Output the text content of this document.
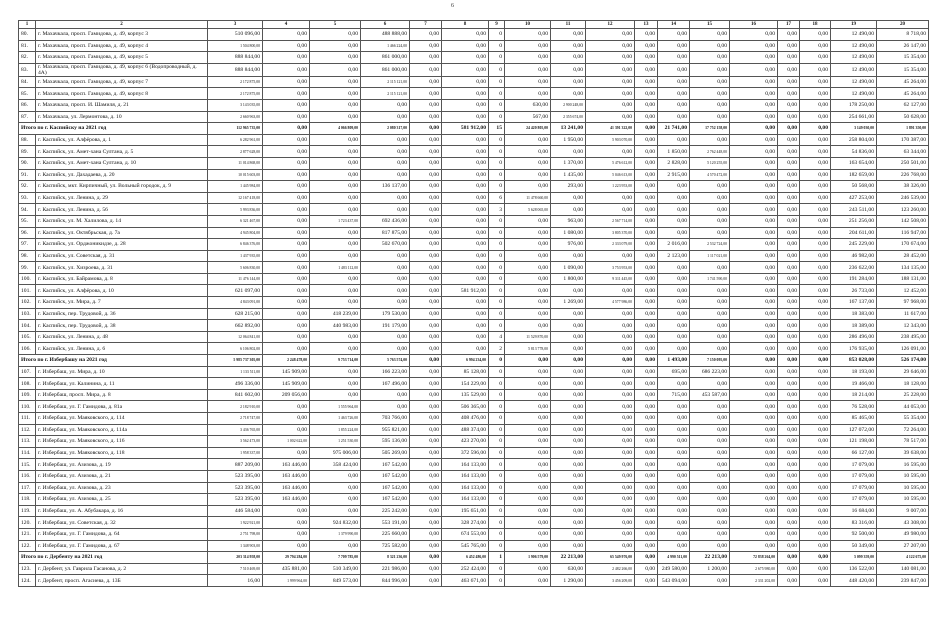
6
1	2	3	4	5	6	7	8	9	10	11	12	13	14	15	16	17	18	19	20
80.	г. Махачкала, просп. Гамидова, д. 49, корпус 3	510 096,00	0,00	0,00	488 888,00	0,00	0,00	0	0,00	0,00	0,00	0,00	0,00	0,00	0,00	0,00	0,00	12 490,00	8 718,00
81.	г. Махачкала, просп. Гамидова, д. 49, корпус 4	1 504 800,00	0,00	0,00	1 466 224,00	0,00	0,00	0	0,00	0,00	0,00	0,00	0,00	0,00	0,00	0,00	0,00	12 490,00	26 147,00
82.	г. Махачкала, просп. Гамидова, д. 49, корпус 5	888 844,00	0,00	0,00	861 000,00	0,00	0,00	0	0,00	0,00	0,00	0,00	0,00	0,00	0,00	0,00	0,00	12 490,00	15 354,00
83.	г. Махачкала, просп. Гамидова, д. 49, корпус 6 (Водопроводный, д. 4А)	888 844,00	0,00	0,00	861 000,00	0,00	0,00	0	0,00	0,00	0,00	0,00	0,00	0,00	0,00	0,00	0,00	12 490,00	15 354,00
84.	г. Махачкала, просп. Гамидова, д. 49, корпус 7	2 172 875,00	0,00	0,00	2 115 121,00	0,00	0,00	0	0,00	0,00	0,00	0,00	0,00	0,00	0,00	0,00	0,00	12 490,00	45 264,00
85.	г. Махачкала, просп. Гамидова, д. 49, корпус 8	2 172 875,00	0,00	0,00	2 115 121,00	0,00	0,00	0	0,00	0,00	0,00	0,00	0,00	0,00	0,00	0,00	0,00	12 490,00	45 264,00
86.	г. Махачкала, просп. И. Шамиля, д. 21	3 143 035,00	0,00	0,00	0,00	0,00	0,00	0	630,00	2 900 248,00	0,00	0,00	0,00	0,00	0,00	0,00	0,00	178 250,00	62 127,00
87.	г. Махачкала, ул. Лермонтова, д. 10	2 660 963,00	0,00	0,00	0,00	0,00	0,00	0	567,00	2 355 674,00	0,00	0,00	0,00	0,00	0,00	0,00	0,00	254 661,00	50 628,00
Итого по г. Каспийску на 2021 год		112 965 735,00	0,00	4 066 809,00	2 080 317,00	0,00	581 912,00	15	24 420 805,00	13 241,00	41 391 322,00	0,00	21 741,00	17 752 158,00	0,00	0,00	0,00	3 149 030,00	1 891 350,00
88.	г. Каспийск, ул. Алфёрова, д. 1	6 282 961,00	0,00	0,00	0,00	0,00	0,00	0	0,00	1 950,00	5 903 070,00	0,00	0,00	0,00	0,00	0,00	0,00	258 804,00	170 387,00
89.	г. Каспийск, ул. Амет-хана Султана, д. 5	2 877 628,00	0,00	0,00	0,00	0,00	0,00	0	0,00	0,00	0,00	0,00	1 850,00	2 762 448,00	0,00	0,00	0,00	54 836,00	63 344,00
90.	г. Каспийск, ул. Амет-хана Султана, д. 10	11 014 868,00	0,00	0,00	0,00	0,00	0,00	0	0,00	1 370,00	5 476 612,00	0,00	2 828,00	5 120 255,00	0,00	0,00	0,00	163 654,00	250 501,00
91.	г. Каспийск, ул. Дахадаева, д. 20	10 015 603,00	0,00	0,00	0,00	0,00	0,00	0	0,00	1 435,00	5 046 613,00	0,00	2 915,00	4 570 472,00	0,00	0,00	0,00	182 659,00	226 768,00
92.	г. Каспийск, мкт. Кирпичный, ул. Вольный городок, д. 9	1 445 984,00	0,00	0,00	136 137,00	0,00	0,00	0	0,00	293,00	1 223 953,00	0,00	0,00	0,00	0,00	0,00	0,00	50 568,00	38 326,00
93.	г. Каспийск, ул. Ленина, д. 29	12 167 418,00	0,00	0,00	0,00	0,00	0,00	6	11 478 660,00	0,00	0,00	0,00	0,00	0,00	0,00	0,00	0,00	427 253,00	246 539,00
94.	г. Каспийск, ул. Ленина, д. 56	5 993 836,00	0,00	0,00	0,00	0,00	0,00	3	5 628 065,00	0,00	0,00	0,00	0,00	0,00	0,00	0,00	0,00	243 511,00	123 260,00
95.	г. Каспийск, ул. М. Халилова, д. 14	6 321 467,00	0,00	1 723 437,00	692 436,00	0,00	0,00	0	0,00	963,00	2 567 714,00	0,00	0,00	0,00	0,00	0,00	0,00	251 256,00	142 508,00
96.	г. Каспийск, ул. Октябрьская, д. 7а	4 945 804,00	0,00	0,00	817 875,00	0,00	0,00	0	0,00	1 080,00	3 805 370,00	0,00	0,00	0,00	0,00	0,00	0,00	204 611,00	116 947,00
97.	г. Каспийск, ул. Орджоникидзе, д. 28	6 846 376,00	0,00	0,00	502 670,00	0,00	0,00	0	0,00	976,00	2 333 079,00	0,00	2 016,00	2 532 724,00	0,00	0,00	0,00	245 229,00	170 674,00
98.	г. Каспийск, ул. Советская, д. 31	1 437 935,00	0,00	0,00	0,00	0,00	0,00	0	0,00	0,00	0,00	0,00	2 123,00	1 117 021,00	0,00	0,00	0,00	46 982,00	28 452,00
99.	г. Каспийск, ул. Хизроева, д. 31	5 606 830,00	0,00	1 483 112,00	0,00	0,00	0,00	0	0,00	1 090,00	3 753 953,00	0,00	0,00	0,00	0,00	0,00	0,00	236 622,00	134 135,00
100.	г. Каспийск, ул. Байрамова, д. 8	11 476 144,00	0,00	0,00	0,00	0,00	0,00	0	0,00	1 800,00	9 311 445,00	0,00	0,00	1 741 590,00	0,00	0,00	0,00	191 284,00	188 131,00
101.	г. Каспийск, ул. Алфёрова, д. 10	621 097,00	0,00	0,00	0,00	0,00	581 912,00	0	0,00	0,00	0,00	0,00	0,00	0,00	0,00	0,00	0,00	26 733,00	12 452,00
102.	г. Каспийск, ул. Мира, д. 7	4 843 091,00	0,00	0,00	0,00	0,00	0,00	0	0,00	1 269,00	4 577 986,00	0,00	0,00	0,00	0,00	0,00	0,00	167 137,00	97 968,00
103.	г. Каспийск, пер. Трудовой, д. 36	628 215,00	0,00	418 239,00	179 530,00	0,00	0,00	0	0,00	0,00	0,00	0,00	0,00	0,00	0,00	0,00	0,00	18 383,00	11 617,00
104.	г. Каспийск, пер. Трудовой, д. 38	662 892,00	0,00	440 983,00	191 179,00	0,00	0,00	0	0,00	0,00	0,00	0,00	0,00	0,00	0,00	0,00	0,00	18 389,00	12 343,00
105.	г. Каспийск, ул. Ленина, д. 48	12 064 841,00	0,00	0,00	0,00	0,00	0,00	4	11 529 870,00	0,00	0,00	0,00	0,00	0,00	0,00	0,00	0,00	286 496,00	238 495,00
106.	г. Каспийск, ул. Ленина, д. 6	6 106 802,00	0,00	0,00	0,00	0,00	0,00	2	5 813 778,00	0,00	0,00	0,00	0,00	0,00	0,00	0,00	0,00	176 935,00	126 091,00
Итого по г. Избербашу на 2021 год		5 985 737 305,00	2 248 478,00	9 753 714,00	5 763 574,00	0,00	6 994 234,00	0	0,00	0,00	0,00	0,00	1 493,00	7 150 095,00	0,00	0,00	0,00	853 028,00	526 174,00
107.	г. Избербаш, ул. Мира, д. 10	1 133 511,00	145 909,00	0,00	166 223,00	0,00	85 128,00	0	0,00	0,00	0,00	0,00	695,00	686 223,00	0,00	0,00	0,00	18 193,00	29 646,00
108.	г. Избербаш, ул. Калинина, д. 11	496 336,00	145 909,00	0,00	167 496,00	0,00	154 229,00	0	0,00	0,00	0,00	0,00	0,00	0,00	0,00	0,00	0,00	19 466,00	18 128,00
109.	г. Избербаш, просп. Мира, д. 8	841 602,00	209 056,00	0,00	0,00	0,00	135 529,00	0	0,00	0,00	0,00	0,00	715,00	453 587,00	0,00	0,00	0,00	18 214,00	25 228,00
110.	г. Избербаш, ул. Г. Гамидова, д. 81а	2 182 910,00	0,00	1 555 964,00	0,00	0,00	506 365,00	0	0,00	0,00	0,00	0,00	0,00	0,00	0,00	0,00	0,00	76 528,00	44 053,00
111.	г. Избербаш, ул. Маяковского, д. 114	2 718 747,00	0,00	1 463 726,00	703 766,00	0,00	408 476,00	0	0,00	0,00	0,00	0,00	0,00	0,00	0,00	0,00	0,00	85 465,00	55 354,00
112.	г. Избербаш, ул. Маяковского, д. 114а	3 436 765,00	0,00	1 855 224,00	955 821,00	0,00	488 374,00	0	0,00	0,00	0,00	0,00	0,00	0,00	0,00	0,00	0,00	127 072,00	72 264,00
113.	г. Избербаш, ул. Маяковского, д. 116	3 562 473,00	1 002 622,00	1 251 530,00	595 136,00	0,00	423 270,00	0	0,00	0,00	0,00	0,00	0,00	0,00	0,00	0,00	0,00	121 198,00	78 517,00
114.	г. Избербаш, ул. Маяковского, д. 118	1 958 337,00	0,00	975 006,00	505 269,00	0,00	372 596,00	0	0,00	0,00	0,00	0,00	0,00	0,00	0,00	0,00	0,00	66 127,00	39 638,00
115.	г. Избербаш, ул. Азизова, д. 19	887 209,00	163 446,00	358 424,00	167 542,00	0,00	164 133,00	0	0,00	0,00	0,00	0,00	0,00	0,00	0,00	0,00	0,00	17 079,00	16 595,00
116.	г. Избербаш, ул. Азизова, д. 21	523 395,00	163 446,00	0,00	167 542,00	0,00	164 133,00	0	0,00	0,00	0,00	0,00	0,00	0,00	0,00	0,00	0,00	17 079,00	10 595,00
117.	г. Избербаш, ул. Азизова, д. 23	523 395,00	163 446,00	0,00	167 542,00	0,00	164 133,00	0	0,00	0,00	0,00	0,00	0,00	0,00	0,00	0,00	0,00	17 079,00	10 595,00
118.	г. Избербаш, ул. Азизова, д. 25	523 395,00	163 446,00	0,00	167 542,00	0,00	164 133,00	0	0,00	0,00	0,00	0,00	0,00	0,00	0,00	0,00	0,00	17 079,00	10 595,00
119.	г. Избербаш, ул. А. Абубакара, д. 16	446 584,00	0,00	0,00	225 242,00	0,00	195 651,00	0	0,00	0,00	0,00	0,00	0,00	0,00	0,00	0,00	0,00	16 684,00	9 007,00
120.	г. Избербаш, ул. Советская, д. 32	1 922 921,00	0,00	924 832,00	553 191,00	0,00	328 274,00	0	0,00	0,00	0,00	0,00	0,00	0,00	0,00	0,00	0,00	83 316,00	43 308,00
121.	г. Избербаш, ул. Г. Гамидова, д. 64	2 751 798,00	0,00	1 379 990,00	225 660,00	0,00	674 553,00	0	0,00	0,00	0,00	0,00	0,00	0,00	0,00	0,00	0,00	92 500,00	49 980,00
122.	г. Избербаш, ул. Г. Гамидова, д. 67	1 348 903,00	0,00	0,00	725 582,00	0,00	545 765,00	0	0,00	0,00	0,00	0,00	0,00	0,00	0,00	0,00	0,00	50 349,00	27 207,00
Итого по г. Дербенту на 2021 год		203 314 958,00	29 794 284,00	7 709 785,00	8 321 236,00	0,00	6 452 486,00	1	1 906 579,00	22 213,00	65 549 976,00	0,00	4 990 511,00	22 213,00	72 838 264,00	0,00	0,00	5 099 359,00	4 122 675,00
123.	г. Дербент, ул. Гаврила Гасанова, д. 2	7 510 469,00	435 881,00	510 349,00	221 986,00	0,00	252 424,00	0	0,00	630,00	2 482 266,00	0,00	249 580,00	1 200,00	2 675 980,00	0,00	0,00	136 522,00	140 081,00
124.	г. Дербент, просп. Агасиева, д. 13Б	16,00	1 999 964,00	849 573,00	844 996,00	0,00	463 671,00	0	0,00	1 290,00	3 456 209,00	0,00	543 094,00	0,00	2 331 202,00	0,00	0,00	448 420,00	239 847,00
